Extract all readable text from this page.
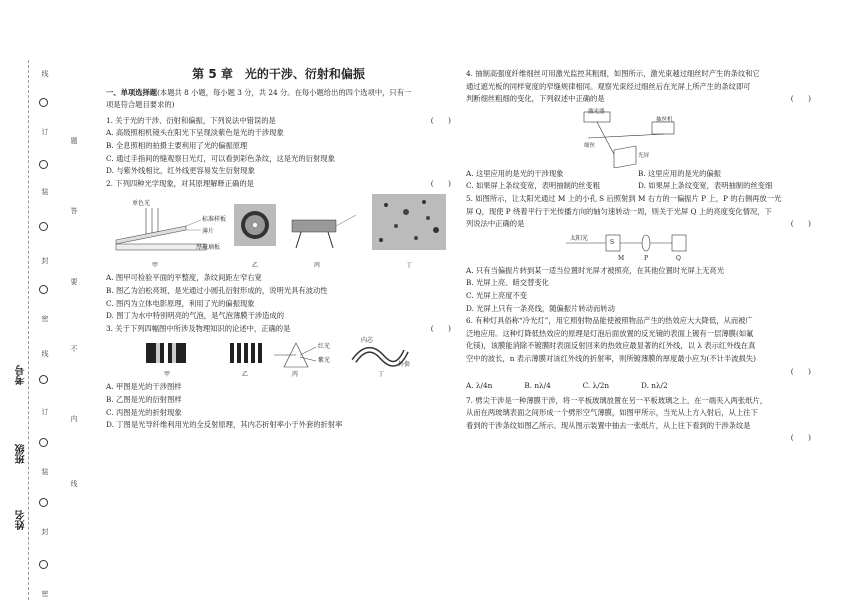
线
订
题
装
答
封
要
密
不
线
内
订
线
装
封
密
考号
班级
姓名
第 5 章　光的干涉、衍射和偏振

一、单项选择题(本题共 8 小题，每小题 3 分，共 24 分。在每小题给出的四个选项中，只有一

项是符合题目要求的)

1. 关于光的干涉、衍射和偏振，下列说法中错误的是	(　　)

A. 高级照相机镜头在阳光下呈现淡紫色是光的干涉现象

B. 全息照相的拍摄主要利用了光的偏振原理

C. 通过手指间的缝观察日光灯，可以看到彩色条纹，这是光的衍射现象

D. 与紫外线相比，红外线更容易发生衍射现象

2. 下列四种光学现象，对其原理解释正确的是	(　　)
单色光
标准样板
薄片
厚玻璃板
甲	乙	丙	丁

A. 图甲可检验平面的平整度，条纹间距左窄右宽

B. 图乙为泊松亮斑，是光通过小圆孔衍射形成的，说明光具有波动性

C. 图丙为立体电影原理，利用了光的偏振现象

D. 图丁为水中特别明亮的气泡，是气泡薄膜干涉造成的

3. 关于下列四幅图中所涉及物理知识的论述中，正确的是	(　　)
甲	乙	丙	丁
红光
紫光
内芯
外套

A. 甲图是光的干涉图样

B. 乙图是光的衍射图样

C. 丙图是光的折射现象

D. 丁图是光导纤维利用光的全反射原理，其内芯折射率小于外套的折射率

4. 抽制高强度纤维细丝可用激光监控其粗细，如图所示，激光束越过细丝时产生的条纹和它

通过遮光板的同样宽度的窄缝规律相同。观察光束经过细丝后在光屏上所产生的条纹即可

判断细丝粗细的变化，下列叙述中正确的是	(　　)
激光器
抽丝机
细丝
光屏

A. 这里应用的是光的干涉现象	B. 这里应用的是光的偏振

C. 如果屏上条纹变宽，表明抽制的丝变粗	D. 如果屏上条纹变宽，表明抽制的丝变细

5. 如图所示，让太阳光通过 M 上的小孔 S 后照射到 M 右方的一偏振片 P 上，P 的右侧再放一光

屏 Q，现使 P 绕着平行于光传播方向的轴匀速转动一周，则关于光屏 Q 上的亮度变化情况，下

列说法中正确的是	(　　)
太阳光
S
M	P	Q

A. 只有当偏振片转到某一适当位置时光屏才被照亮，在其他位置时光屏上无亮光

B. 光屏上亮、暗交替变化

C. 光屏上亮度不变

D. 光屏上只有一条亮线，随偏振片转动而转动

6. 有种灯具俗称“冷光灯”，用它照射物品能使被照物品产生的热效应大大降低，从而被广

泛地应用。这种灯降低热效应的原理是灯泡后面放置的反光镜的表面上镀有一层薄膜(如氟

化镁)，该膜能消除不镀膜时表面反射回来的热效应最显著的红外线，以 λ 表示红外线在真

空中的波长，n 表示薄膜对该红外线的折射率，则所镀薄膜的厚度最小应为(不计半波损失)

(　　)

A. λ/4n	B. nλ/4	C. λ/2n	D. nλ/2

7. 劈尖干涉是一种薄膜干涉，将一平板玻璃放置在另一平板玻璃之上，在一端夹入两张纸片，

从而在两玻璃表面之间形成一个劈形空气薄膜，如图甲所示，当光从上方入射后，从上往下

看到的干涉条纹如图乙所示。现从图示装置中抽去一张纸片，从上往下看到的干涉条纹是

(　　)
